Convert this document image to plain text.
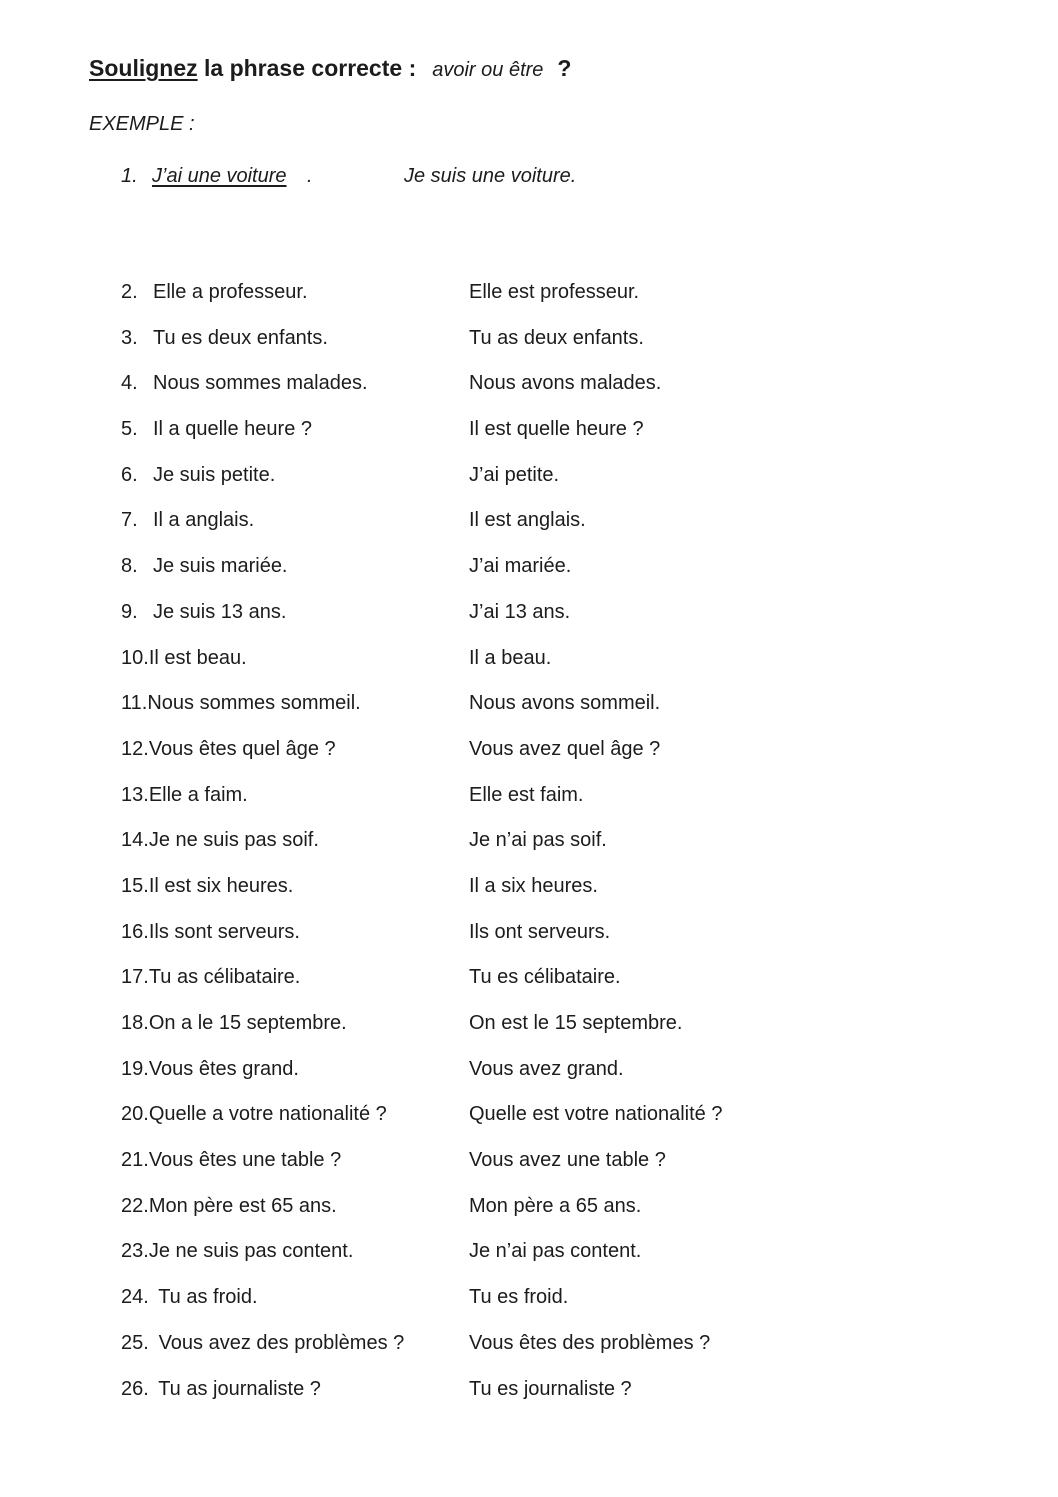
Soulignez la phrase correcte : avoir ou être ?
EXEMPLE :
1. J’ai une voiture .	Je suis une voiture.
2. Elle a professeur.	Elle est professeur.
3. Tu es deux enfants.	Tu as deux enfants.
4. Nous sommes malades.	Nous avons malades.
5. Il a quelle heure ?	Il est quelle heure ?
6. Je suis petite.	J’ai petite.
7. Il a anglais.	Il est anglais.
8. Je suis mariée.	J’ai mariée.
9. Je suis 13 ans.	J’ai 13 ans.
10.Il est beau.	Il a beau.
11.Nous sommes sommeil.	Nous avons sommeil.
12.Vous êtes quel âge ?	Vous avez quel âge ?
13.Elle a faim.	Elle est faim.
14.Je ne suis pas soif.	Je n’ai pas soif.
15.Il est six heures.	Il a six heures.
16.Ils sont serveurs.	Ils ont serveurs.
17.Tu as célibataire.	Tu es célibataire.
18.On a le 15 septembre.	On est le 15 septembre.
19.Vous êtes grand.	Vous avez grand.
20.Quelle a votre nationalité ?	Quelle est votre nationalité ?
21.Vous êtes une table ?	Vous avez une table ?
22.Mon père est 65 ans.	Mon père a 65 ans.
23.Je ne suis pas content.	Je n’ai pas content.
24. Tu as froid.	Tu es froid.
25. Vous avez des problèmes ?	Vous êtes des problèmes ?
26. Tu as journaliste ?	Tu es journaliste ?
